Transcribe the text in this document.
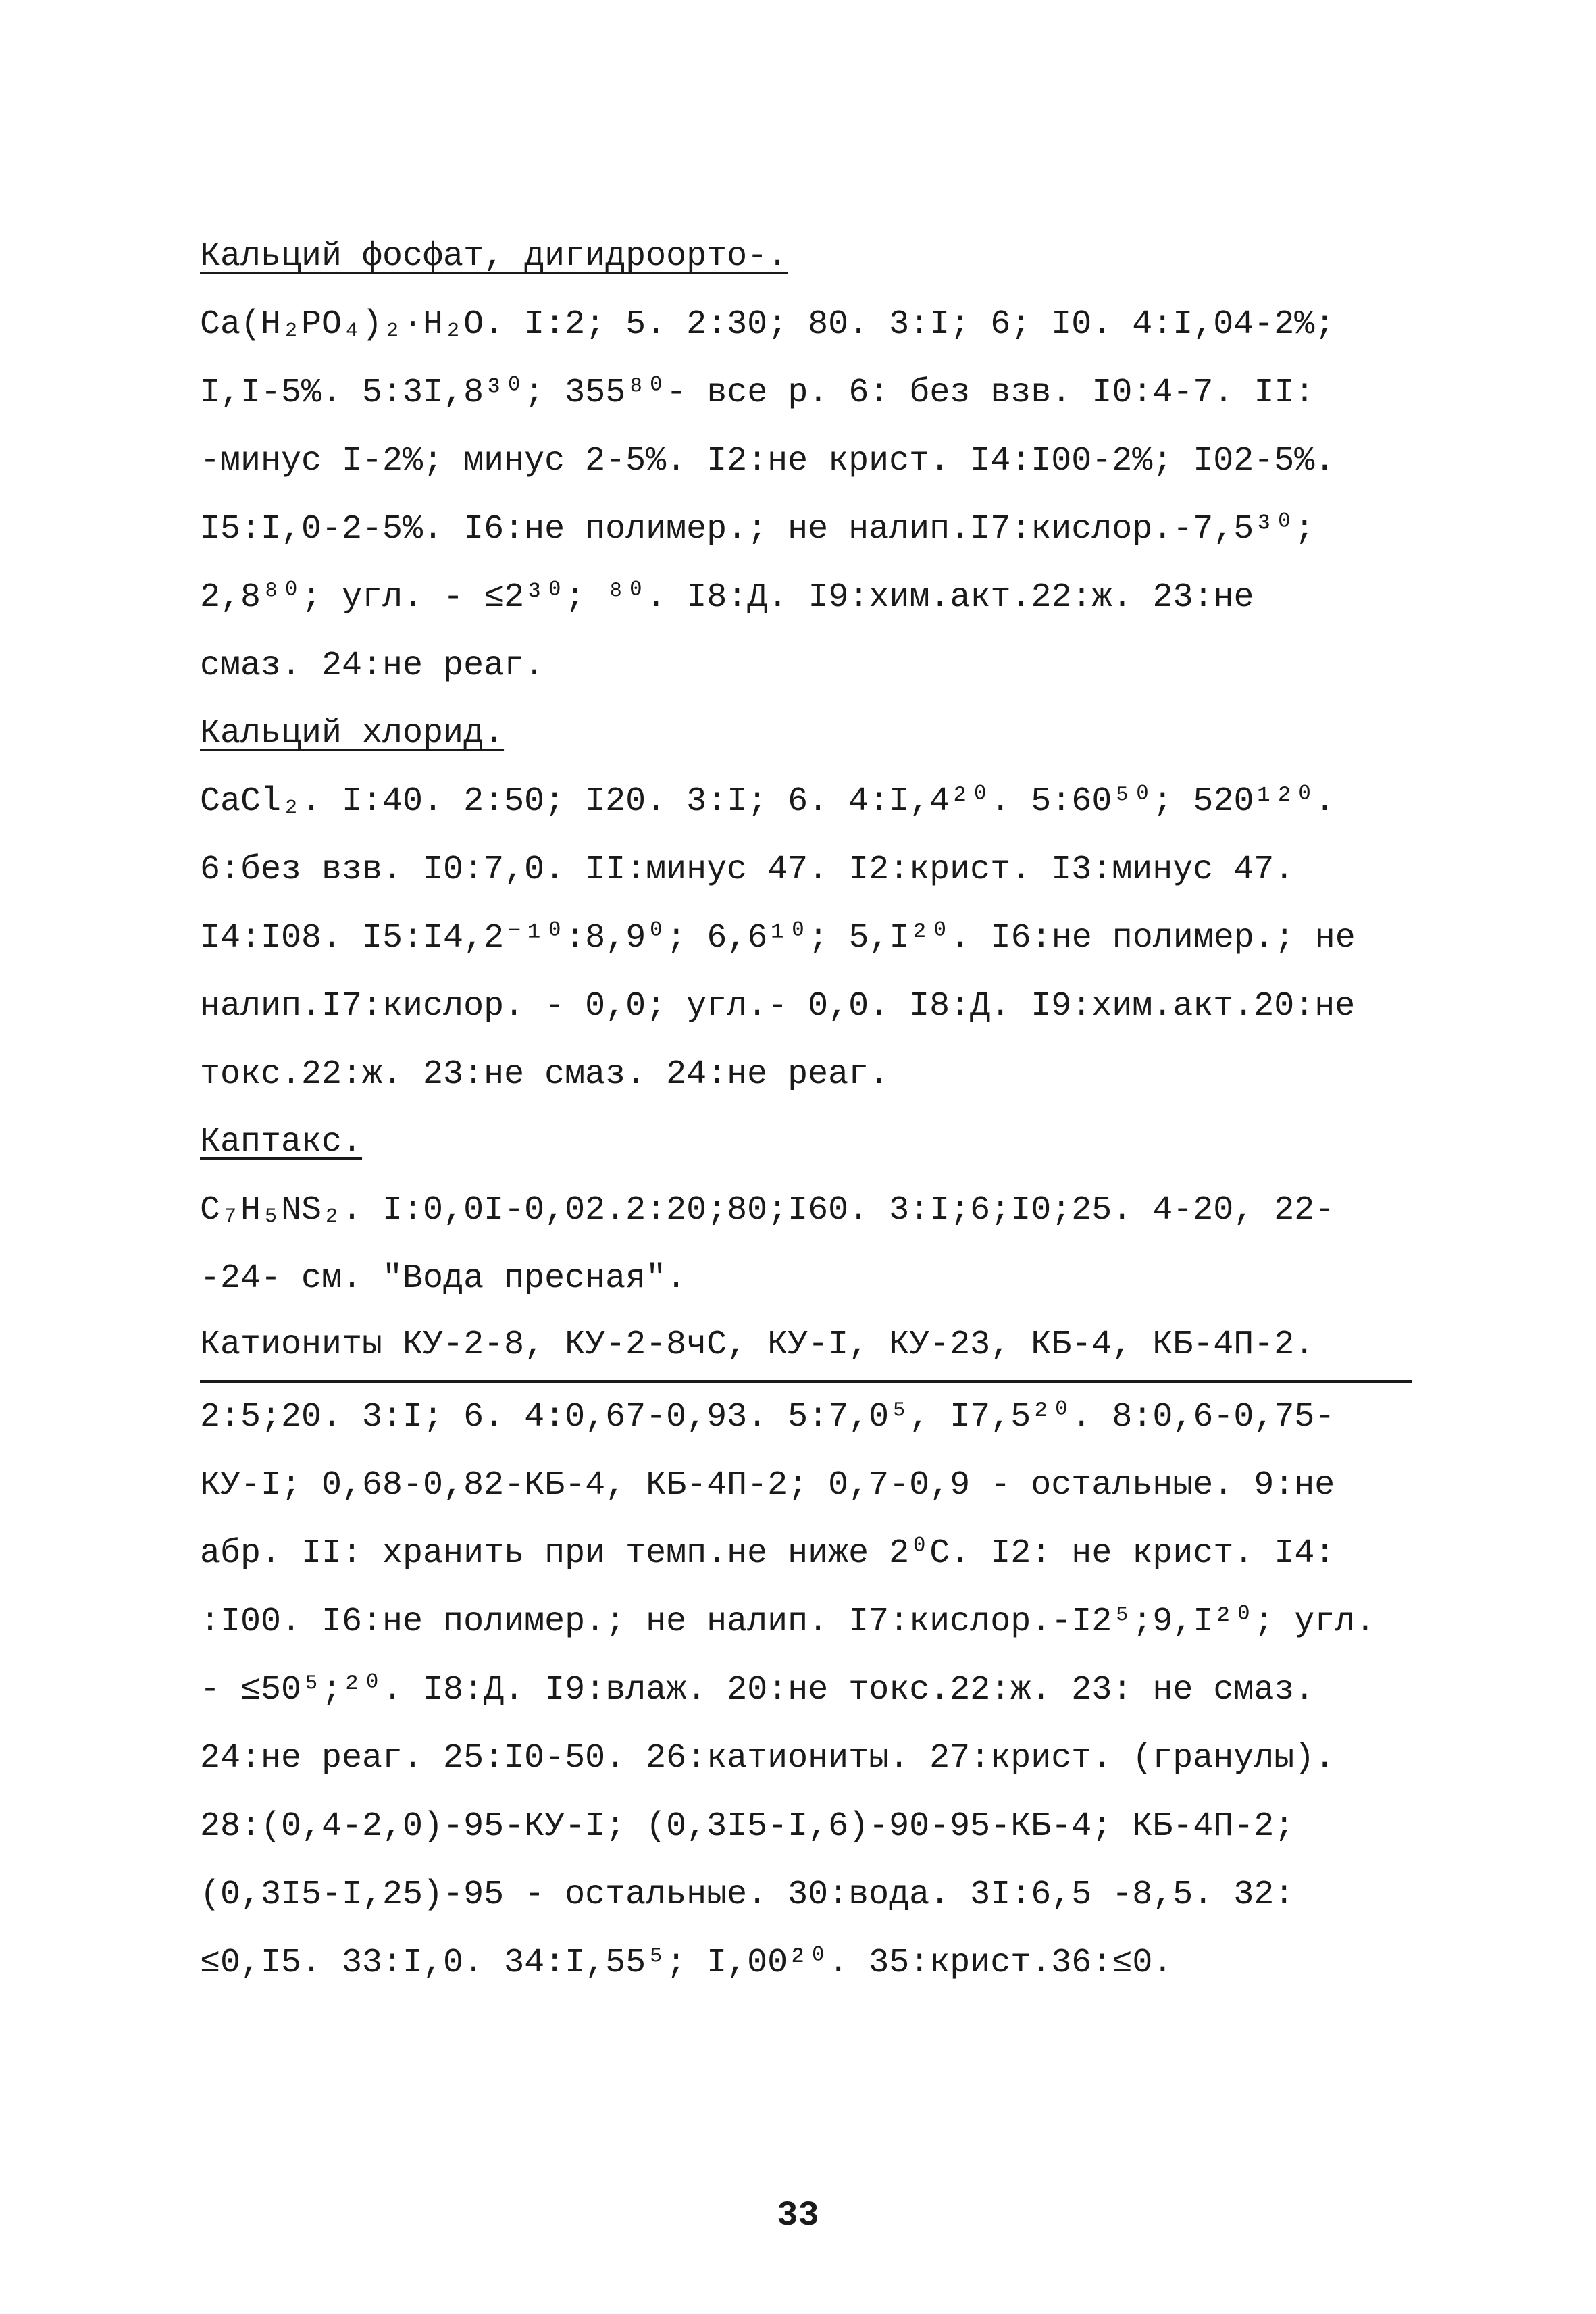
Кальций фосфат, дигидроорто-.
Ca(H₂PO₄)₂·H₂O. I:2; 5. 2:30; 80. 3:I; 6; I0. 4:I,04-2%;
I,I-5%. 5:3I,8³⁰; 355⁸⁰- все р. 6: без взв. I0:4-7. II:
-минус I-2%; минус 2-5%. I2:не крист. I4:I00-2%; I02-5%.
I5:I,0-2-5%. I6:не полимер.; не налип.I7:кислор.-7,5³⁰;
2,8⁸⁰; угл. - ≤2³⁰; ⁸⁰. I8:Д. I9:хим.акт.22:ж. 23:не
смаз. 24:не реаг.
Кальций хлорид.
CaCl₂. I:40. 2:50; I20. 3:I; 6. 4:I,4²⁰. 5:60⁵⁰; 520¹²⁰.
6:без взв. I0:7,0. II:минус 47. I2:крист. I3:минус 47.
I4:I08. I5:I4,2⁻¹⁰:8,9⁰; 6,6¹⁰; 5,I²⁰. I6:не полимер.; не
налип.I7:кислор. - 0,0; угл.- 0,0. I8:Д. I9:хим.акт.20:не
токс.22:ж. 23:не смаз. 24:не реаг.
Каптакс.
C₇H₅NS₂. I:0,0I-0,02.2:20;80;I60. 3:I;6;I0;25. 4-20, 22-
-24- см. "Вода пресная".
Катиониты КУ-2-8, КУ-2-8чС, КУ-I, КУ-23, КБ-4, КБ-4П-2.
2:5;20. 3:I; 6. 4:0,67-0,93. 5:7,0⁵, I7,5²⁰. 8:0,6-0,75-
КУ-I; 0,68-0,82-КБ-4, КБ-4П-2; 0,7-0,9 - остальные. 9:не
абр. II: хранить при темп.не ниже 2⁰С. I2: не крист. I4:
:I00. I6:не полимер.; не налип. I7:кислор.-I2⁵;9,I²⁰; угл.
- ≤50⁵;²⁰. I8:Д. I9:влаж. 20:не токс.22:ж. 23: не смаз.
24:не реаг. 25:I0-50. 26:катиониты. 27:крист. (гранулы).
28:(0,4-2,0)-95-КУ-I; (0,3I5-I,6)-90-95-КБ-4; КБ-4П-2;
(0,3I5-I,25)-95 - остальные. 30:вода. 3I:6,5 -8,5. 32:
≤0,I5. 33:I,0. 34:I,55⁵; I,00²⁰. 35:крист.36:≤0.
33
